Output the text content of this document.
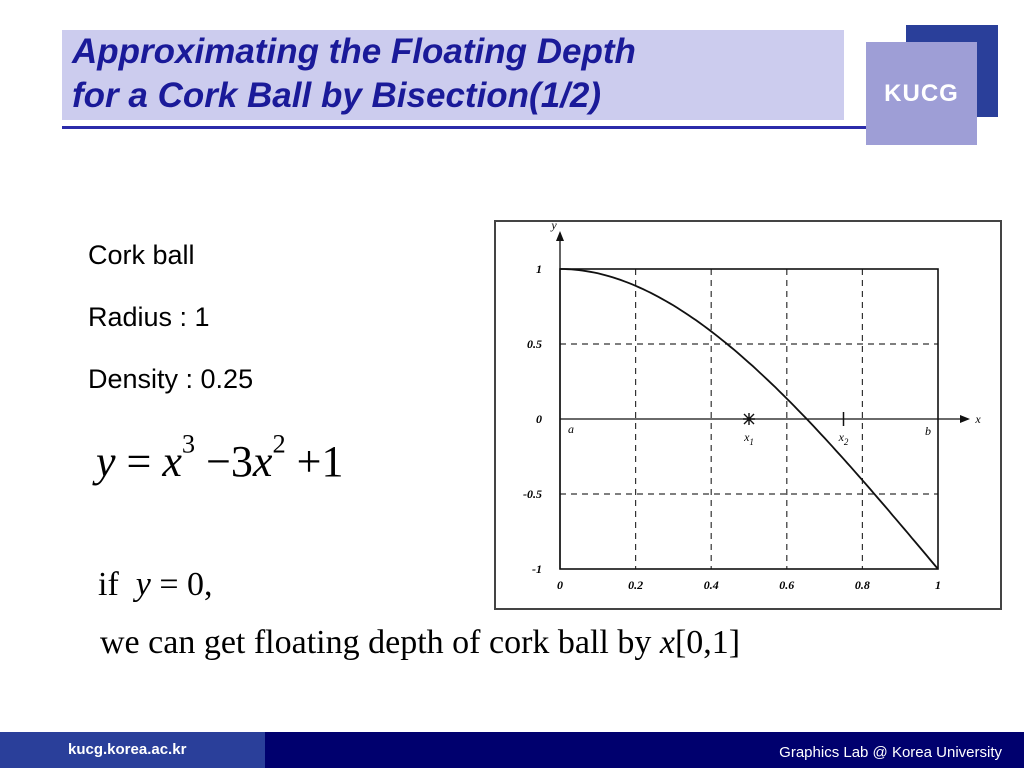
Approximating the Floating Depth
for a Cork Ball by Bisection(1/2)	KUCG
Cork ball
Radius : 1
Density : 0.25
$y = x^3 -3x^2 +1$
if y = 0,
we can get floating depth of cork ball by x[0,1]
y
x
0	0.2	0.4	0.6	0.8	1
1
0.5
0
-0.5
-1
a	b
$x_1$	$x_2$
kucg.korea.ac.kr	Graphics Lab @ Korea University
